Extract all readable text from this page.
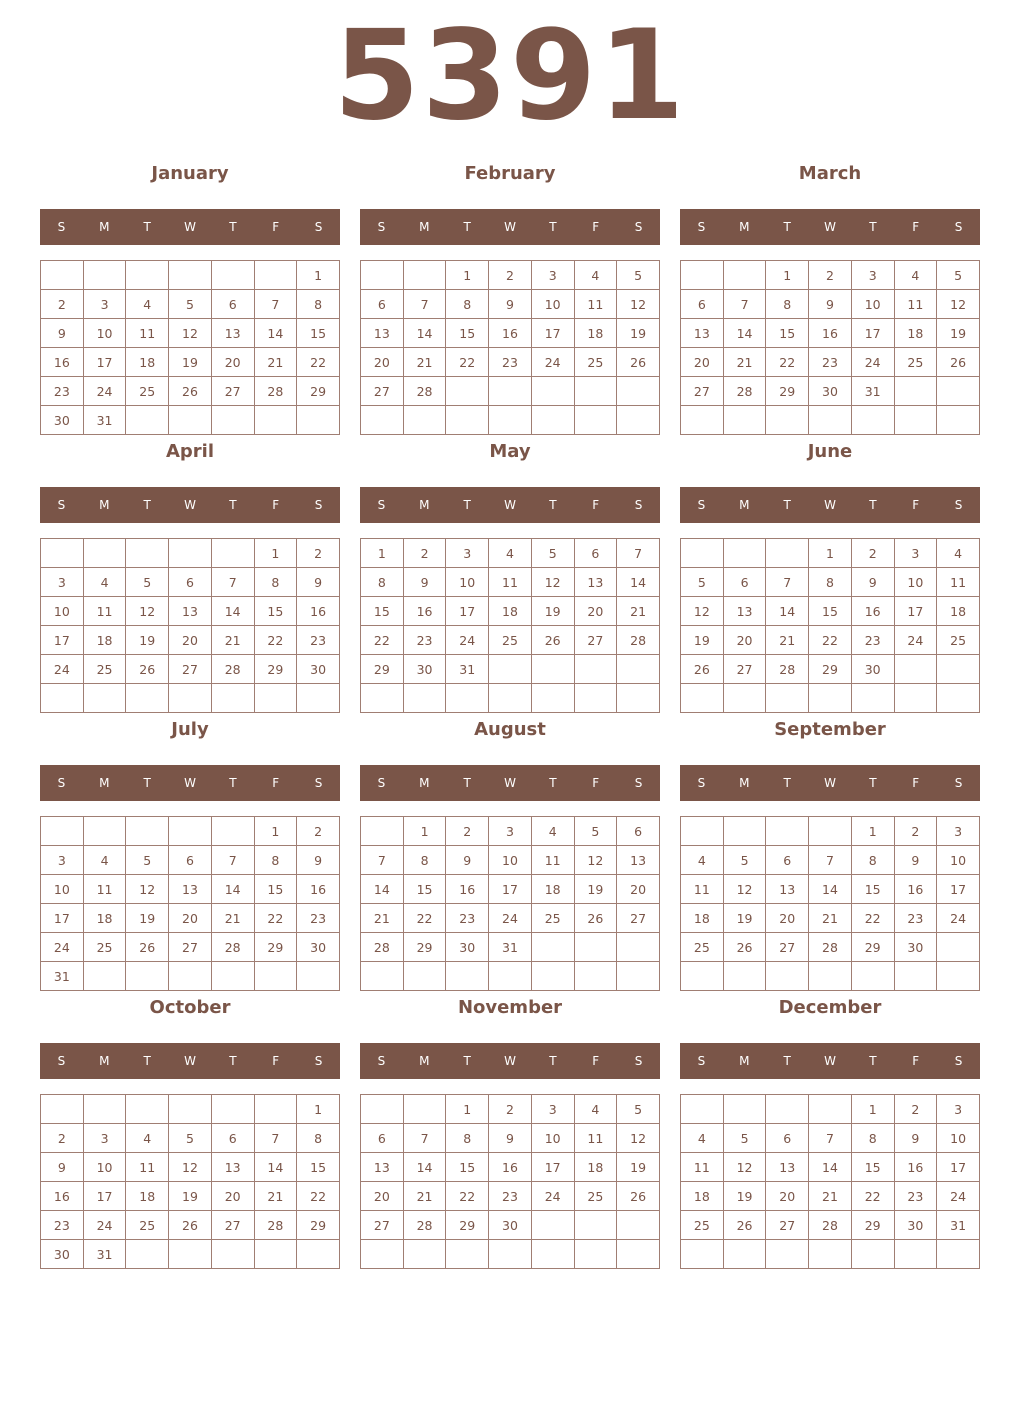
5391
January
S	M	T	W	T	F	S
						1
2	3	4	5	6	7	8
9	10	11	12	13	14	15
16	17	18	19	20	21	22
23	24	25	26	27	28	29
30	31					
February
S	M	T	W	T	F	S
		1	2	3	4	5
6	7	8	9	10	11	12
13	14	15	16	17	18	19
20	21	22	23	24	25	26
27	28					

March
S	M	T	W	T	F	S
		1	2	3	4	5
6	7	8	9	10	11	12
13	14	15	16	17	18	19
20	21	22	23	24	25	26
27	28	29	30	31		

April
S	M	T	W	T	F	S
					1	2
3	4	5	6	7	8	9
10	11	12	13	14	15	16
17	18	19	20	21	22	23
24	25	26	27	28	29	30

May
S	M	T	W	T	F	S
1	2	3	4	5	6	7
8	9	10	11	12	13	14
15	16	17	18	19	20	21
22	23	24	25	26	27	28
29	30	31				

June
S	M	T	W	T	F	S
			1	2	3	4
5	6	7	8	9	10	11
12	13	14	15	16	17	18
19	20	21	22	23	24	25
26	27	28	29	30		

July
S	M	T	W	T	F	S
					1	2
3	4	5	6	7	8	9
10	11	12	13	14	15	16
17	18	19	20	21	22	23
24	25	26	27	28	29	30
31						
August
S	M	T	W	T	F	S
	1	2	3	4	5	6
7	8	9	10	11	12	13
14	15	16	17	18	19	20
21	22	23	24	25	26	27
28	29	30	31			

September
S	M	T	W	T	F	S
				1	2	3
4	5	6	7	8	9	10
11	12	13	14	15	16	17
18	19	20	21	22	23	24
25	26	27	28	29	30	

October
S	M	T	W	T	F	S
						1
2	3	4	5	6	7	8
9	10	11	12	13	14	15
16	17	18	19	20	21	22
23	24	25	26	27	28	29
30	31					
November
S	M	T	W	T	F	S
		1	2	3	4	5
6	7	8	9	10	11	12
13	14	15	16	17	18	19
20	21	22	23	24	25	26
27	28	29	30			

December
S	M	T	W	T	F	S
				1	2	3
4	5	6	7	8	9	10
11	12	13	14	15	16	17
18	19	20	21	22	23	24
25	26	27	28	29	30	31
